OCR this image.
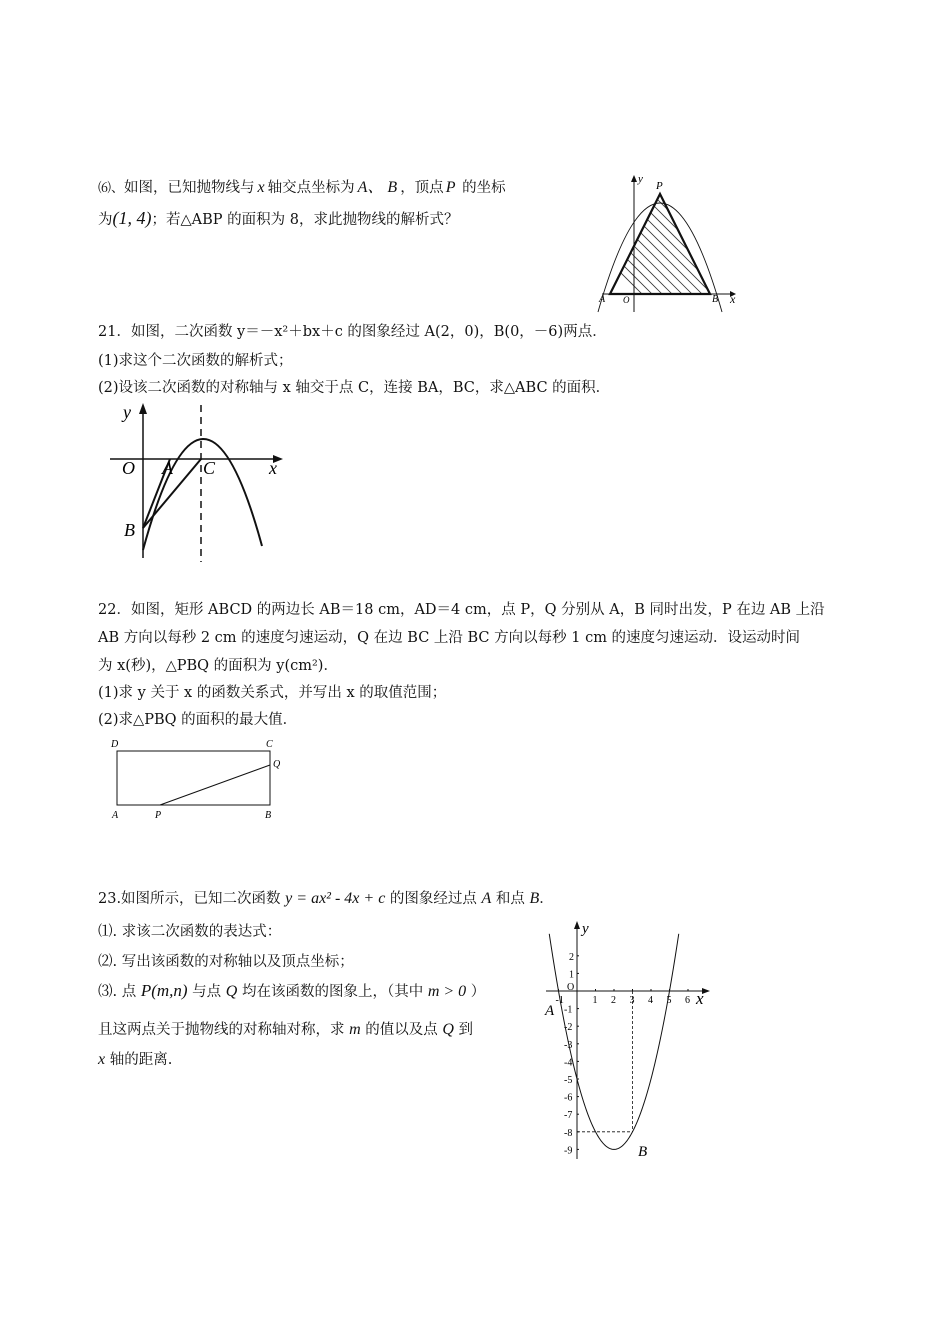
⑹、如图，已知抛物线与 x 轴交点坐标为 A、 B ，顶点 P 的坐标
为(1, 4)；若△ABP 的面积为 8，求此抛物线的解析式？
y
P
A O	B x
21．如图，二次函数 y＝－x²＋bx＋c 的图象经过 A(2，0)，B(0，－6)两点．
(1)求这个二次函数的解析式；
(2)设该二次函数的对称轴与 x 轴交于点 C，连接 BA，BC，求△ABC 的面积．
y
O A C	x
B
22．如图，矩形 ABCD 的两边长 AB＝18 cm，AD＝4 cm，点 P，Q 分别从 A，B 同时出发，P 在边 AB 上沿
AB 方向以每秒 2 cm 的速度匀速运动，Q 在边 BC 上沿 BC 方向以每秒 1 cm 的速度匀速运动．设运动时间
为 x(秒)，△PBQ 的面积为 y(cm²)．
(1)求 y 关于 x 的函数关系式，并写出 x 的取值范围；
(2)求△PBQ 的面积的最大值．
D	C
Q
A	P	B
23.如图所示，已知二次函数 y = ax² - 4x + c 的图象经过点 A 和点 B．
⑴. 求该二次函数的表达式：
⑵. 写出该函数的对称轴以及顶点坐标；
⑶. 点 P(m,n) 与点 Q 均在该函数的图象上，（其中 m > 0 ）
且这两点关于抛物线的对称轴对称，求 m 的值以及点 Q 到
x 轴的距离.
-1	1 2 3 4 5 6
2
1
-1
-2
-3
-4
-5
-6
-7
-8
-9
y
x
O
A
B
